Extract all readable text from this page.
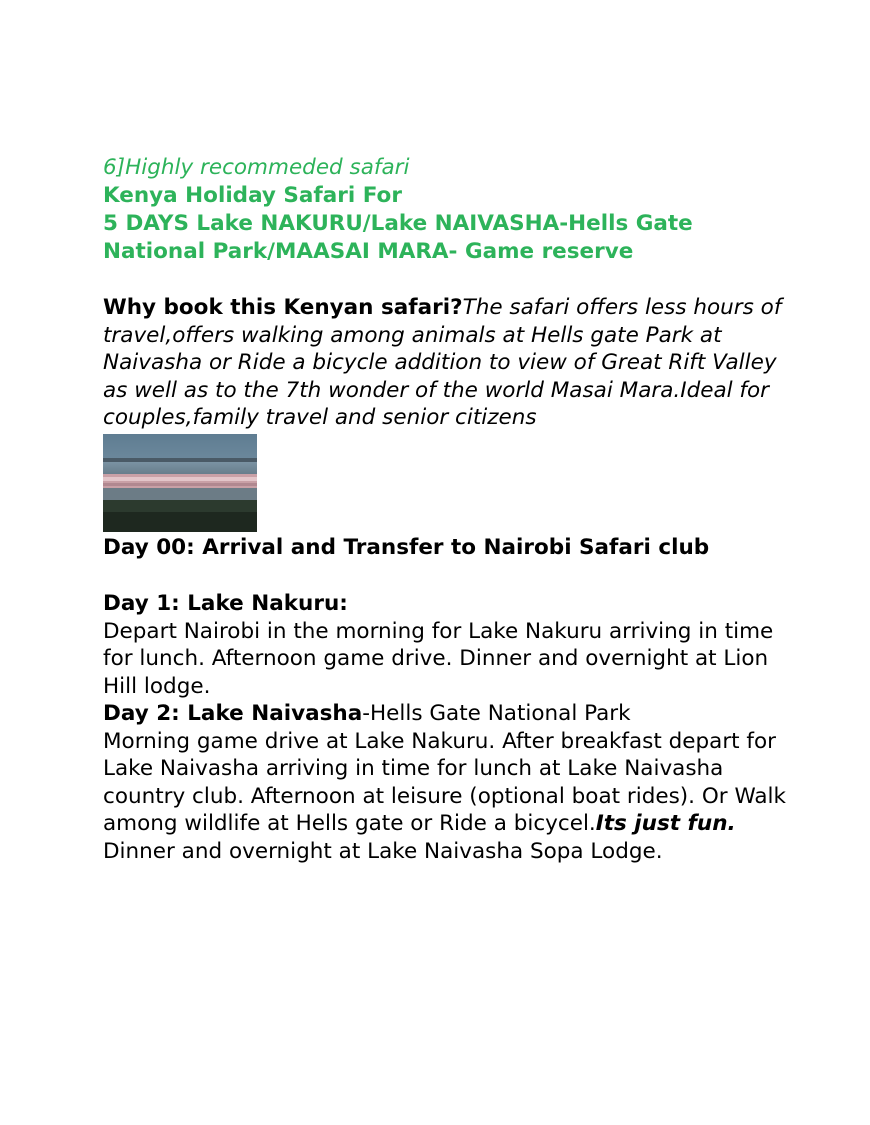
6]Highly recommeded safari

Kenya Holiday Safari For

5 DAYS Lake NAKURU/Lake NAIVASHA-Hells Gate

National Park/MAASAI MARA- Game reserve

Why book this Kenyan safari?The safari offers less hours of travel,offers walking among animals at Hells gate Park at Naivasha or Ride a bicycle addition to view of Great Rift Valley as well as to the 7th wonder of the world Masai Mara.Ideal for couples,family travel and senior citizens

Day 00: Arrival and Transfer to Nairobi Safari club

Day 1: Lake Nakuru:

Depart Nairobi in the morning for Lake Nakuru arriving in time for lunch. Afternoon game drive. Dinner and overnight at Lion Hill lodge.

Day 2: Lake Naivasha-Hells Gate National Park

Morning game drive at Lake Nakuru. After breakfast depart for Lake Naivasha arriving in time for lunch at Lake Naivasha country club. Afternoon at leisure (optional boat rides). Or Walk among wildlife at Hells gate or Ride a bicycel.Its just fun. Dinner and overnight at Lake Naivasha Sopa Lodge.
